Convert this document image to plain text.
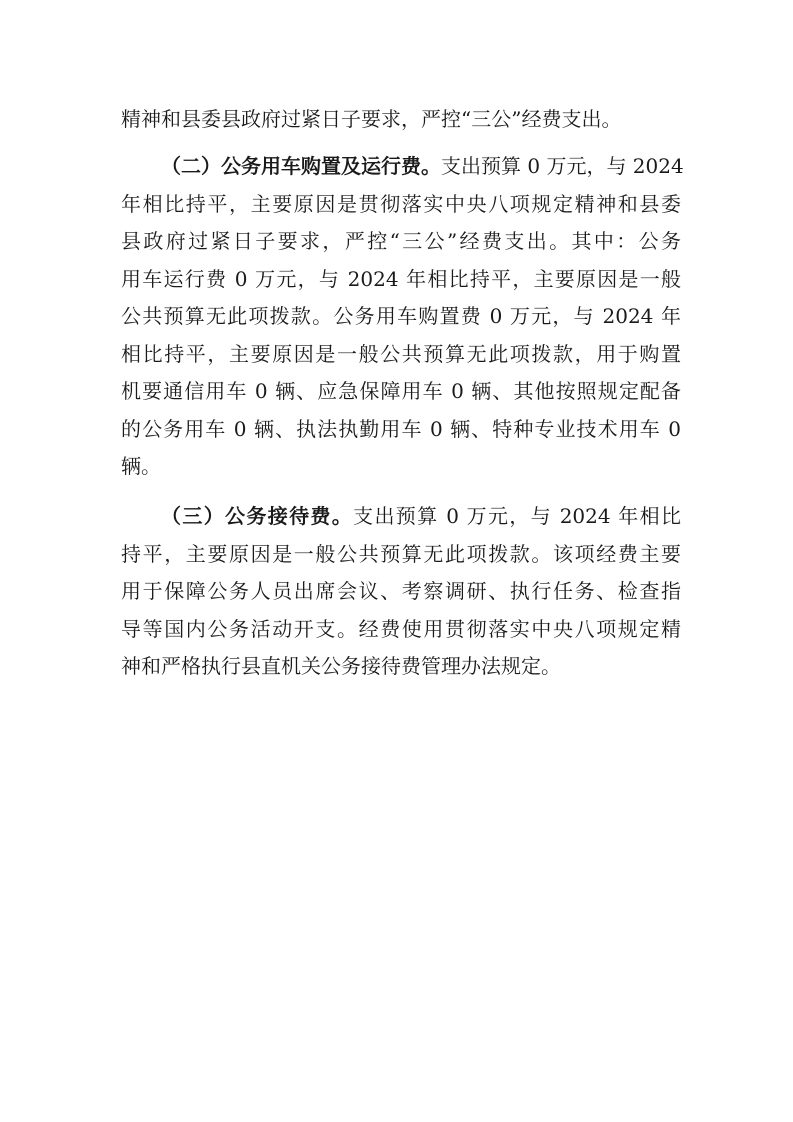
精神和县委县政府过紧日子要求，严控“三公”经费支出。
（二）公务用车购置及运行费。支出预算 0 万元，与 2024
年相比持平，主要原因是贯彻落实中央八项规定精神和县委
县政府过紧日子要求，严控“三公”经费支出。其中：公务
用车运行费 0 万元，与 2024 年相比持平，主要原因是一般
公共预算无此项拨款。公务用车购置费 0 万元，与 2024 年
相比持平，主要原因是一般公共预算无此项拨款，用于购置
机要通信用车 0 辆、应急保障用车 0 辆、其他按照规定配备
的公务用车 0 辆、执法执勤用车 0 辆、特种专业技术用车 0
辆。
（三）公务接待费。支出预算 0 万元，与 2024 年相比
持平，主要原因是一般公共预算无此项拨款。该项经费主要
用于保障公务人员出席会议、考察调研、执行任务、检查指
导等国内公务活动开支。经费使用贯彻落实中央八项规定精
神和严格执行县直机关公务接待费管理办法规定。
